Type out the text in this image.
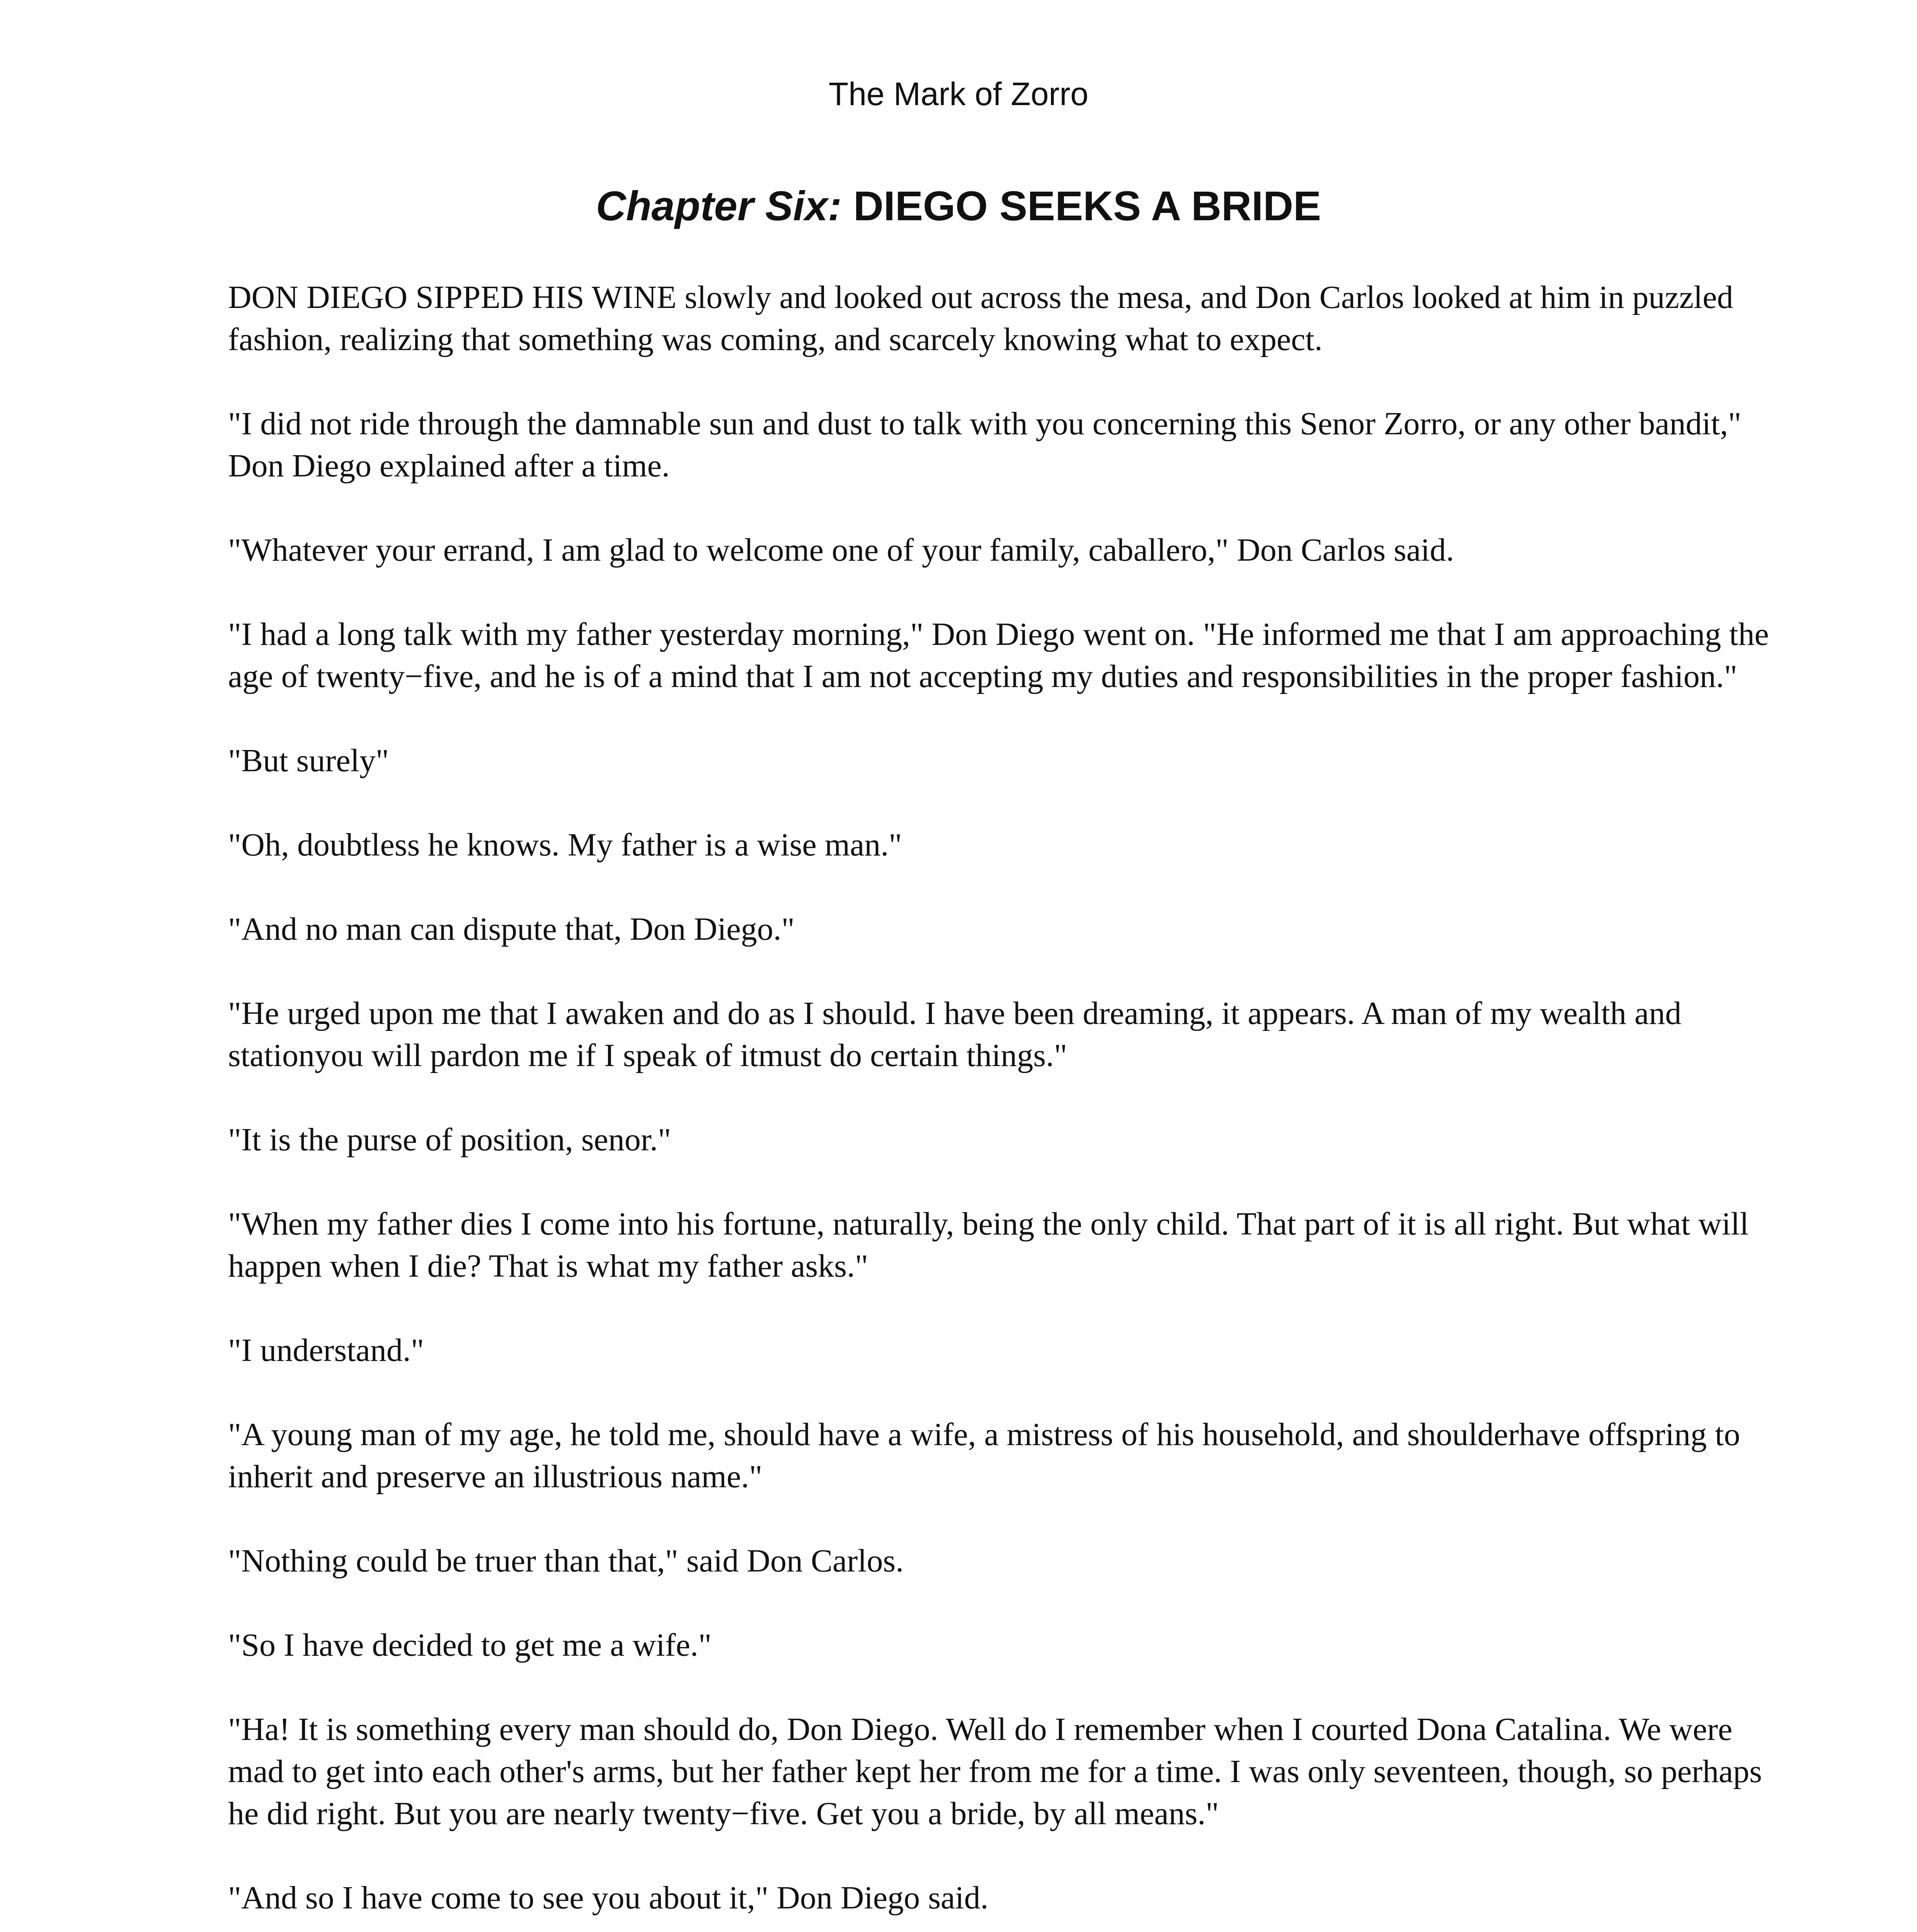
The Mark of Zorro
Chapter Six: DIEGO SEEKS A BRIDE

DON DIEGO SIPPED HIS WINE slowly and looked out across the mesa, and Don Carlos looked at him in puzzled fashion, realizing that something was coming, and scarcely knowing what to expect.

"I did not ride through the damnable sun and dust to talk with you concerning this Senor Zorro, or any other bandit," Don Diego explained after a time.

"Whatever your errand, I am glad to welcome one of your family, caballero," Don Carlos said.

"I had a long talk with my father yesterday morning," Don Diego went on. "He informed me that I am approaching the age of twenty−five, and he is of a mind that I am not accepting my duties and responsibilities in the proper fashion."

"But surely"

"Oh, doubtless he knows. My father is a wise man."

"And no man can dispute that, Don Diego."

"He urged upon me that I awaken and do as I should. I have been dreaming, it appears. A man of my wealth and stationyou will pardon me if I speak of itmust do certain things."

"It is the purse of position, senor."

"When my father dies I come into his fortune, naturally, being the only child. That part of it is all right. But what will happen when I die? That is what my father asks."

"I understand."

"A young man of my age, he told me, should have a wife, a mistress of his household, and shoulderhave offspring to inherit and preserve an illustrious name."

"Nothing could be truer than that," said Don Carlos.

"So I have decided to get me a wife."

"Ha! It is something every man should do, Don Diego. Well do I remember when I courted Dona Catalina. We were mad to get into each other's arms, but her father kept her from me for a time. I was only seventeen, though, so perhaps he did right. But you are nearly twenty−five. Get you a bride, by all means."

"And so I have come to see you about it," Don Diego said.
